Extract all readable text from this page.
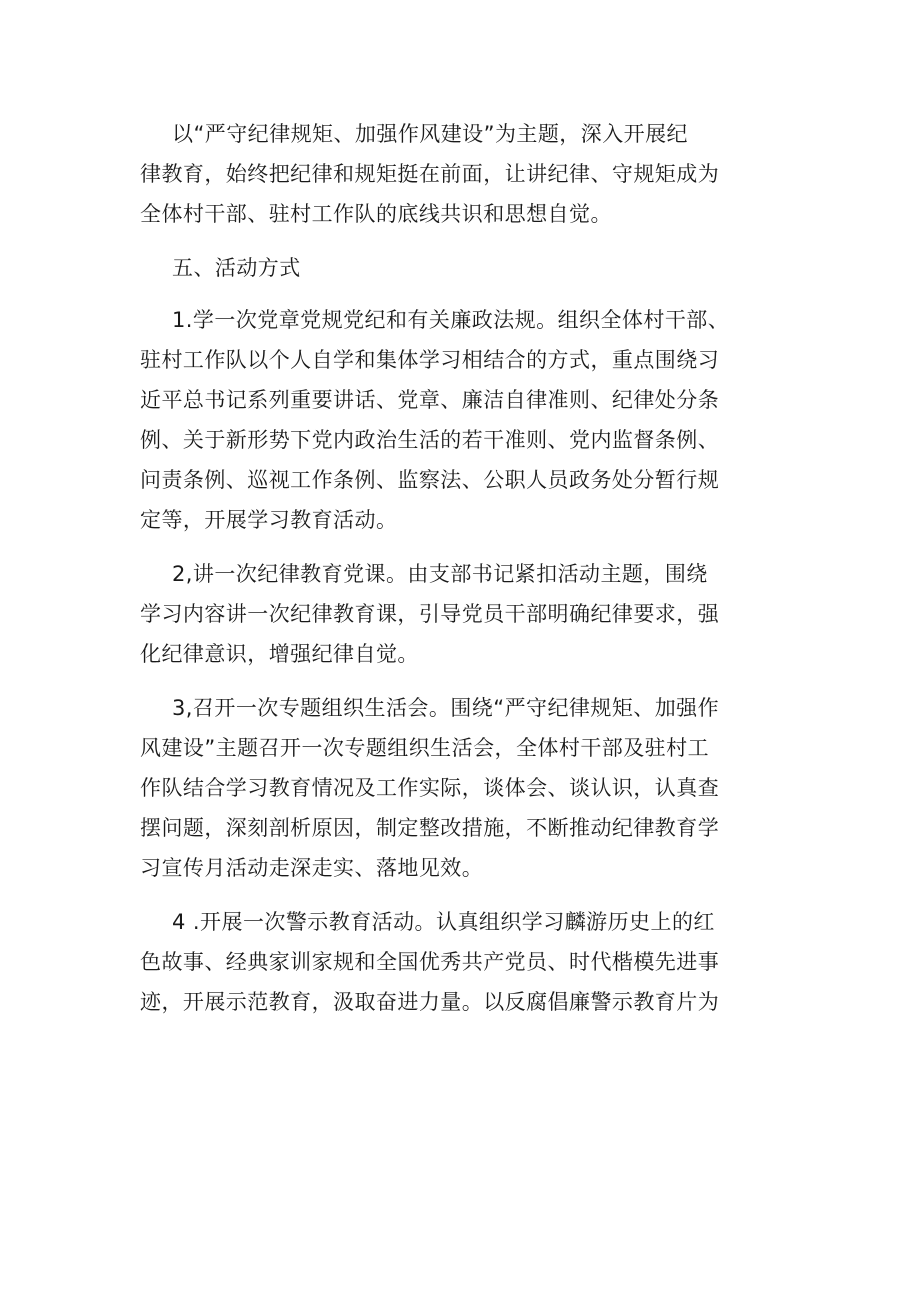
以“严守纪律规矩、加强作风建设”为主题，深入开展纪
律教育，始终把纪律和规矩挺在前面，让讲纪律、守规矩成为
全体村干部、驻村工作队的底线共识和思想自觉。
五、活动方式
1.学一次党章党规党纪和有关廉政法规。组织全体村干部、
驻村工作队以个人自学和集体学习相结合的方式，重点围绕习
近平总书记系列重要讲话、党章、廉洁自律准则、纪律处分条
例、关于新形势下党内政治生活的若干准则、党内监督条例、
问责条例、巡视工作条例、监察法、公职人员政务处分暂行规
定等，开展学习教育活动。
2,讲一次纪律教育党课。由支部书记紧扣活动主题，围绕
学习内容讲一次纪律教育课，引导党员干部明确纪律要求，强
化纪律意识，增强纪律自觉。
3,召开一次专题组织生活会。围绕“严守纪律规矩、加强作
风建设”主题召开一次专题组织生活会，全体村干部及驻村工
作队结合学习教育情况及工作实际，谈体会、谈认识，认真查
摆问题，深刻剖析原因，制定整改措施，不断推动纪律教育学
习宣传月活动走深走实、落地见效。
4 .开展一次警示教育活动。认真组织学习麟游历史上的红
色故事、经典家训家规和全国优秀共产党员、时代楷模先进事
迹，开展示范教育，汲取奋进力量。以反腐倡廉警示教育片为
